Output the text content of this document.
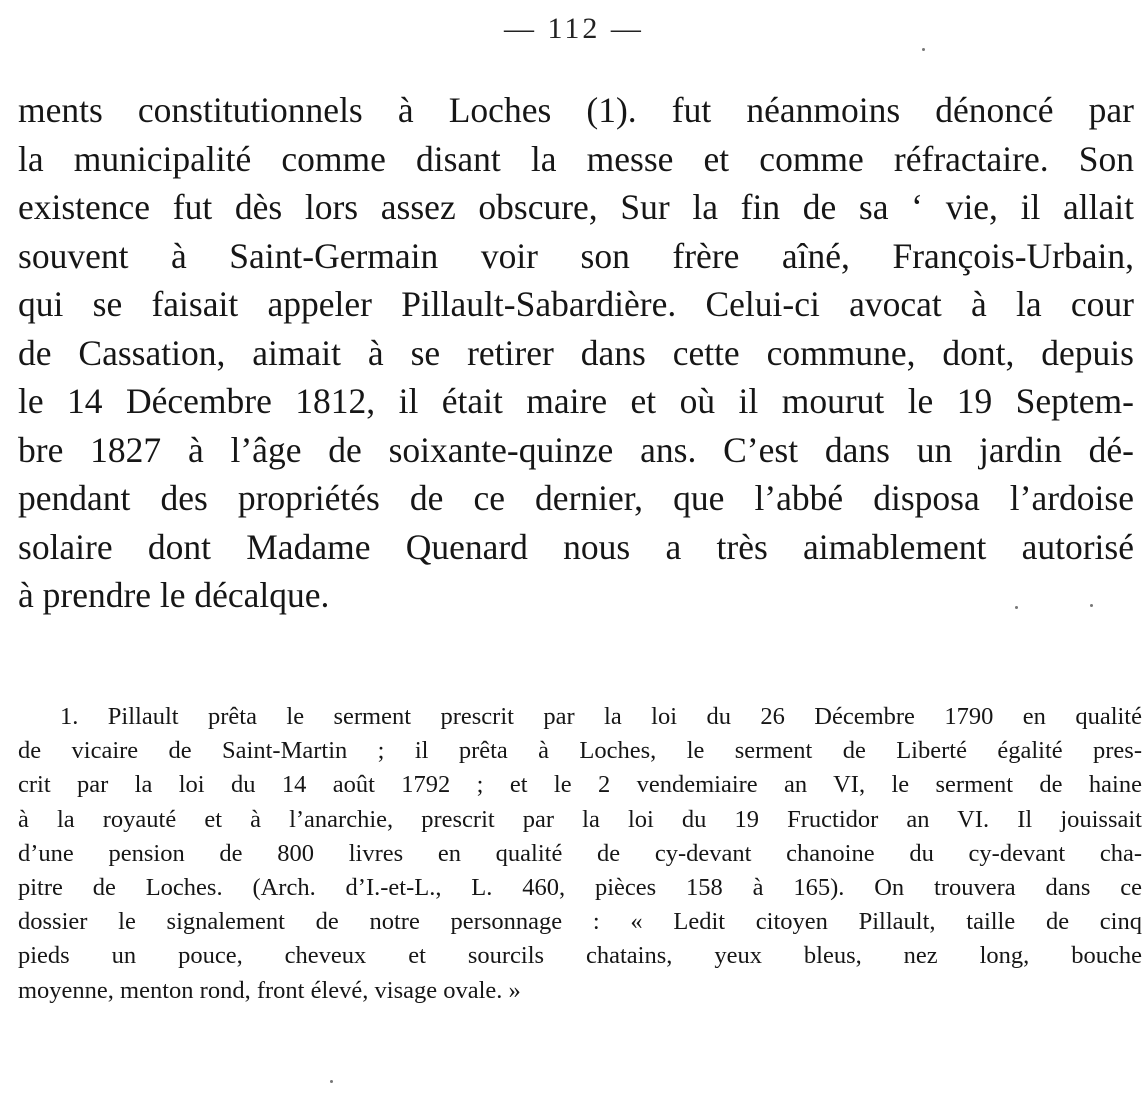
— 112 —
ments constitutionnels à Loches (1). fut néanmoins dénoncé par
la municipalité comme disant la messe et comme réfractaire. Son
existence fut dès lors assez obscure, Sur la fin de sa ‘ vie, il allait
souvent à Saint-Germain voir son frère aîné, François-Urbain,
qui se faisait appeler Pillault-Sabardière. Celui-ci avocat à la cour
de Cassation, aimait à se retirer dans cette commune, dont, depuis
le 14 Décembre 1812, il était maire et où il mourut le 19 Septem-
bre 1827 à l’âge de soixante-quinze ans. C’est dans un jardin dé-
pendant des propriétés de ce dernier, que l’abbé disposa l’ardoise
solaire dont Madame Quenard nous a très aimablement autorisé
à prendre le décalque.
1. Pillault prêta le serment prescrit par la loi du 26 Décembre 1790 en qualité
de vicaire de Saint-Martin ; il prêta à Loches, le serment de Liberté égalité pres-
crit par la loi du 14 août 1792 ; et le 2 vendemiaire an VI, le serment de haine
à la royauté et à l’anarchie, prescrit par la loi du 19 Fructidor an VI. Il jouissait
d’une pension de 800 livres en qualité de cy-devant chanoine du cy-devant cha-
pitre de Loches. (Arch. d’I.-et-L., L. 460, pièces 158 à 165). On trouvera dans ce
dossier le signalement de notre personnage : « Ledit citoyen Pillault, taille de cinq
pieds un pouce, cheveux et sourcils chatains, yeux bleus, nez long, bouche
moyenne, menton rond, front élevé, visage ovale. »
